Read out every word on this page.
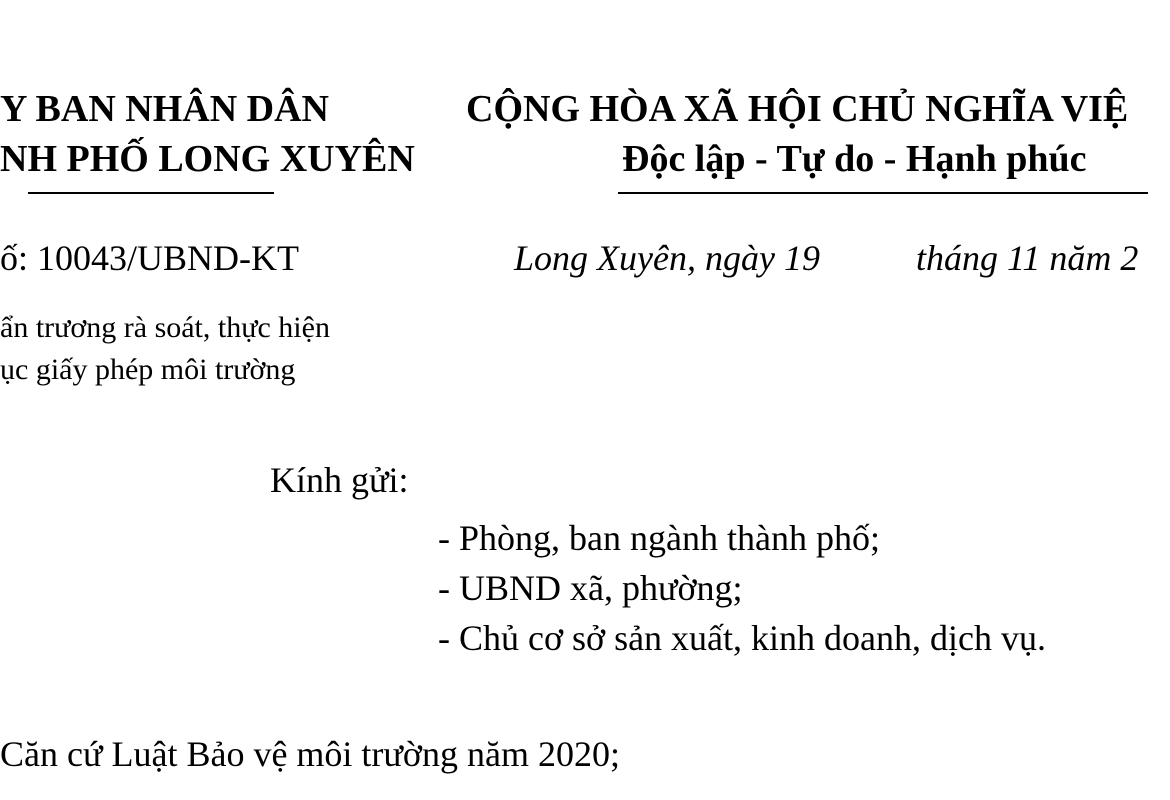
Y BAN NHÂN DÂN
NH PHỐ LONG XUYÊN
CỘNG HÒA XÃ HỘI CHỦ NGHĨA VIỆ
Độc lập - Tự do - Hạnh phúc
ố: 10043/UBND-KT	Long Xuyên, ngày 19	tháng 11 năm 2
ẩn trương rà soát, thực hiện
ục giấy phép môi trường
Kính gửi:
- Phòng, ban ngành thành phố;
- UBND xã, phường;
- Chủ cơ sở sản xuất, kinh doanh, dịch vụ.
Căn cứ Luật Bảo vệ môi trường năm 2020;
